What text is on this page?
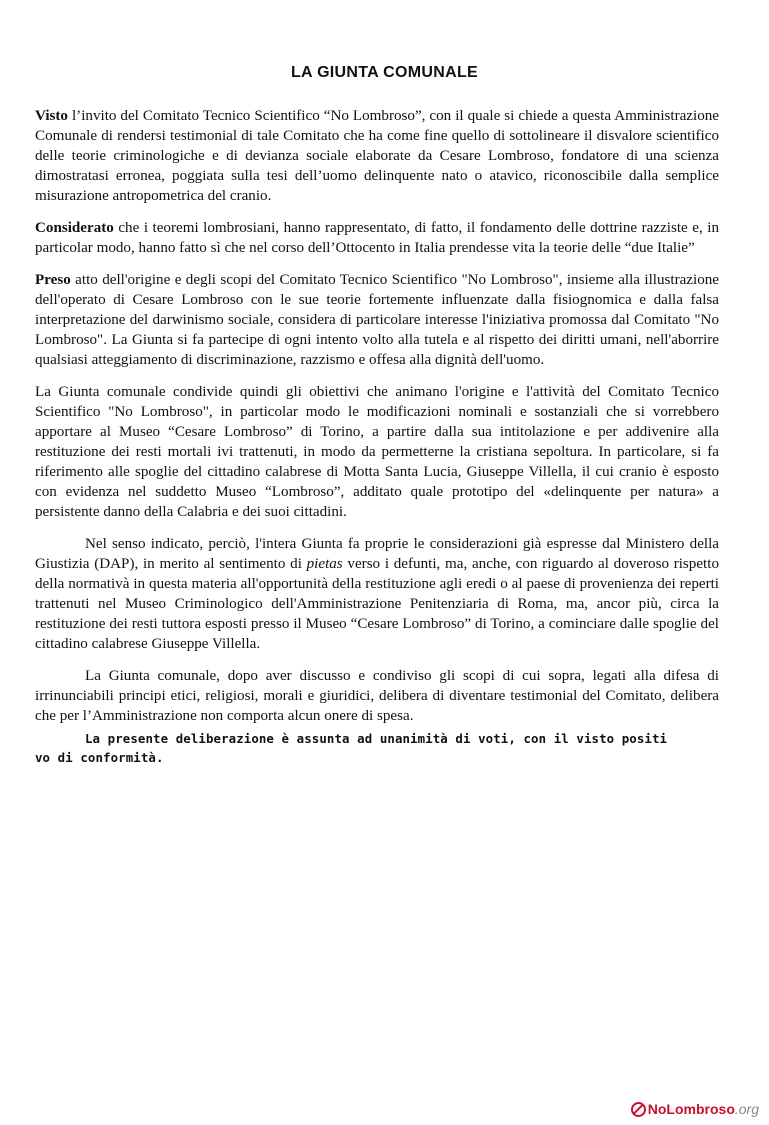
LA GIUNTA COMUNALE

Visto l’invito del Comitato Tecnico Scientifico “No Lombroso”, con il quale si chiede a questa Amministrazione Comunale di rendersi testimonial di tale Comitato che ha come fine quello di sottolineare il disvalore scientifico delle teorie criminologiche e di devianza sociale elaborate da Cesare Lombroso, fondatore di una scienza dimostratasi erronea, poggiata sulla tesi dell’uomo delinquente nato o atavico, riconoscibile dalla semplice misurazione antropometrica del cranio.

Considerato che i teoremi lombrosiani, hanno rappresentato, di fatto, il fondamento delle dottrine razziste e, in particolar modo, hanno fatto sì che nel corso dell’Ottocento in Italia prendesse vita la teorie delle “due Italie”

Preso atto dell'origine e degli scopi del Comitato Tecnico Scientifico "No Lombroso", insieme alla illustrazione dell'operato di Cesare Lombroso con le sue teorie fortemente influenzate dalla fisiognomica e dalla falsa interpretazione del darwinismo sociale, considera di particolare interesse l'iniziativa promossa dal Comitato "No Lombroso". La Giunta si fa partecipe di ogni intento volto alla tutela e al rispetto dei diritti umani, nell'aborrire qualsiasi atteggiamento di discriminazione, razzismo e offesa alla dignità dell'uomo.

La Giunta comunale condivide quindi gli obiettivi che animano l'origine e l'attività del Comitato Tecnico Scientifico "No Lombroso", in particolar modo le modificazioni nominali e sostanziali che si vorrebbero apportare al Museo “Cesare Lombroso” di Torino, a partire dalla sua intitolazione e per addivenire alla restituzione dei resti mortali ivi trattenuti, in modo da permetterne la cristiana sepoltura. In particolare, si fa riferimento alle spoglie del cittadino calabrese di Motta Santa Lucia, Giuseppe Villella, il cui cranio è esposto con evidenza nel suddetto Museo “Lombroso”, additato quale prototipo del «delinquente per natura» a persistente danno della Calabria e dei suoi cittadini.

Nel senso indicato, perciò, l'intera Giunta fa proprie le considerazioni già espresse dal Ministero della Giustizia (DAP), in merito al sentimento di pietas verso i defunti, ma, anche, con riguardo al doveroso rispetto della normativà in questa materia all'opportunità della restituzione agli eredi o al paese di provenienza dei reperti trattenuti nel Museo Criminologico dell'Amministrazione Penitenziaria di Roma, ma, ancor più, circa la restituzione dei resti tuttora esposti presso il Museo “Cesare Lombroso” di Torino, a cominciare dalle spoglie del cittadino calabrese Giuseppe Villella.

La Giunta comunale, dopo aver discusso e condiviso gli scopi di cui sopra, legati alla difesa di irrinunciabili principi etici, religiosi, morali e giuridici, delibera di diventare testimonial del Comitato, delibera che per l’Amministrazione non comporta alcun onere di spesa.

La presente deliberazione è assunta ad unanimità di voti, con il visto positi
vo di conformità.
NoLombroso .org
